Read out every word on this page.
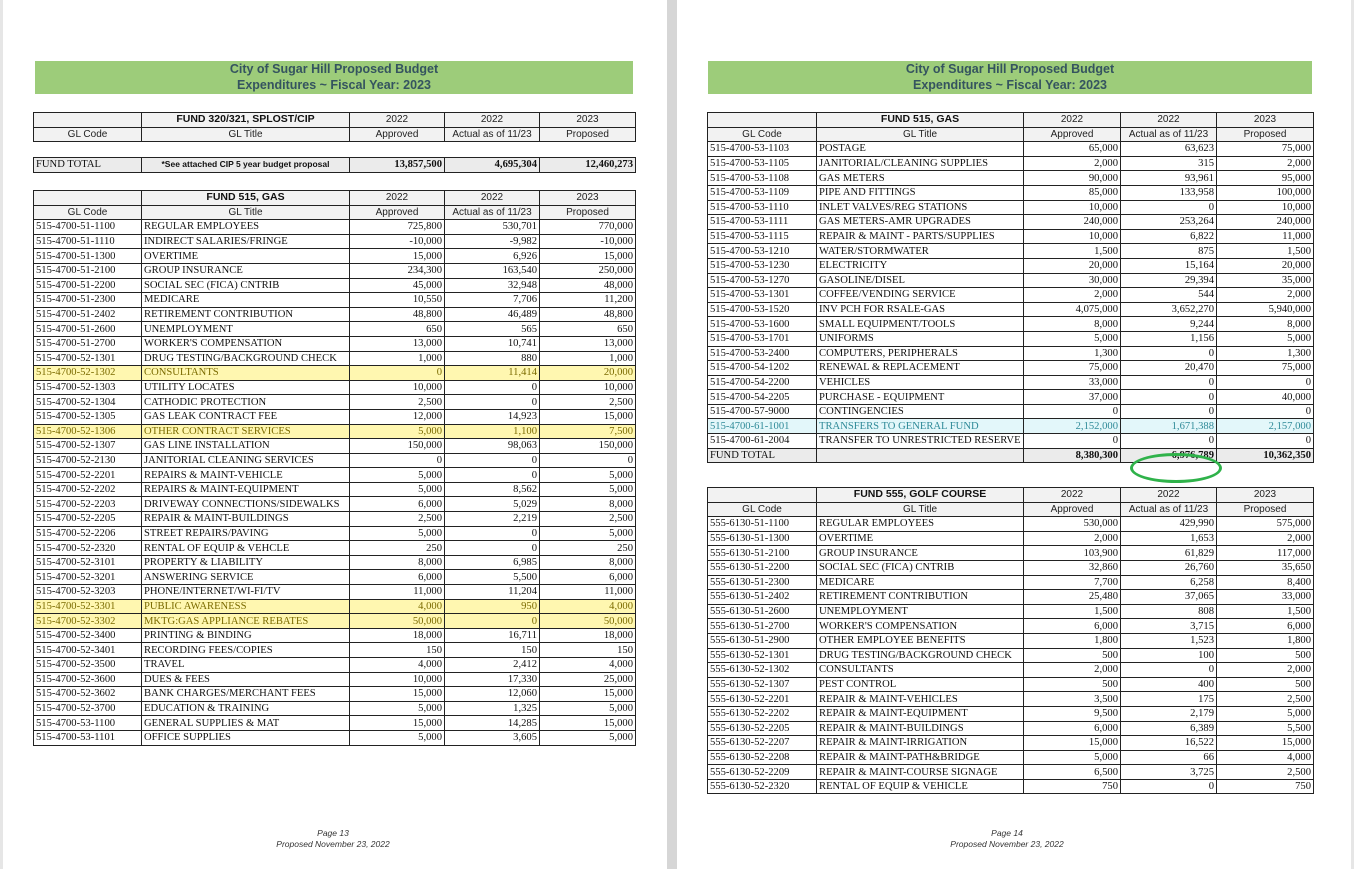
City of Sugar Hill Proposed Budget
Expenditures ~ Fiscal Year: 2023
	FUND 320/321, SPLOST/CIP	2022	2022	2023
GL Code	GL Title	Approved	Actual as of 11/23	Proposed
FUND TOTAL	*See attached CIP 5 year budget proposal	13,857,500	4,695,304	12,460,273
	FUND 515, GAS	2022	2022	2023
GL Code	GL Title	Approved	Actual as of 11/23	Proposed
515-4700-51-1100	REGULAR EMPLOYEES	725,800	530,701	770,000
515-4700-51-1110	INDIRECT SALARIES/FRINGE	-10,000	-9,982	-10,000
515-4700-51-1300	OVERTIME	15,000	6,926	15,000
515-4700-51-2100	GROUP INSURANCE	234,300	163,540	250,000
515-4700-51-2200	SOCIAL SEC (FICA) CNTRIB	45,000	32,948	48,000
515-4700-51-2300	MEDICARE	10,550	7,706	11,200
515-4700-51-2402	RETIREMENT CONTRIBUTION	48,800	46,489	48,800
515-4700-51-2600	UNEMPLOYMENT	650	565	650
515-4700-51-2700	WORKER'S COMPENSATION	13,000	10,741	13,000
515-4700-52-1301	DRUG TESTING/BACKGROUND CHECK	1,000	880	1,000
515-4700-52-1302	CONSULTANTS	0	11,414	20,000
515-4700-52-1303	UTILITY LOCATES	10,000	0	10,000
515-4700-52-1304	CATHODIC PROTECTION	2,500	0	2,500
515-4700-52-1305	GAS LEAK CONTRACT FEE	12,000	14,923	15,000
515-4700-52-1306	OTHER CONTRACT SERVICES	5,000	1,100	7,500
515-4700-52-1307	GAS LINE INSTALLATION	150,000	98,063	150,000
515-4700-52-2130	JANITORIAL CLEANING SERVICES	0	0	0
515-4700-52-2201	REPAIRS & MAINT-VEHICLE	5,000	0	5,000
515-4700-52-2202	REPAIRS & MAINT-EQUIPMENT	5,000	8,562	5,000
515-4700-52-2203	DRIVEWAY CONNECTIONS/SIDEWALKS	6,000	5,029	8,000
515-4700-52-2205	REPAIR & MAINT-BUILDINGS	2,500	2,219	2,500
515-4700-52-2206	STREET REPAIRS/PAVING	5,000	0	5,000
515-4700-52-2320	RENTAL OF EQUIP & VEHCLE	250	0	250
515-4700-52-3101	PROPERTY & LIABILITY	8,000	6,985	8,000
515-4700-52-3201	ANSWERING SERVICE	6,000	5,500	6,000
515-4700-52-3203	PHONE/INTERNET/WI-FI/TV	11,000	11,204	11,000
515-4700-52-3301	PUBLIC AWARENESS	4,000	950	4,000
515-4700-52-3302	MKTG:GAS APPLIANCE REBATES	50,000	0	50,000
515-4700-52-3400	PRINTING & BINDING	18,000	16,711	18,000
515-4700-52-3401	RECORDING FEES/COPIES	150	150	150
515-4700-52-3500	TRAVEL	4,000	2,412	4,000
515-4700-52-3600	DUES & FEES	10,000	17,330	25,000
515-4700-52-3602	BANK CHARGES/MERCHANT FEES	15,000	12,060	15,000
515-4700-52-3700	EDUCATION & TRAINING	5,000	1,325	5,000
515-4700-53-1100	GENERAL SUPPLIES & MAT	15,000	14,285	15,000
515-4700-53-1101	OFFICE SUPPLIES	5,000	3,605	5,000
Page 13
Proposed November 23, 2022
City of Sugar Hill Proposed Budget
Expenditures ~ Fiscal Year: 2023
	FUND 515, GAS	2022	2022	2023
GL Code	GL Title	Approved	Actual as of 11/23	Proposed
515-4700-53-1103	POSTAGE	65,000	63,623	75,000
515-4700-53-1105	JANITORIAL/CLEANING SUPPLIES	2,000	315	2,000
515-4700-53-1108	GAS METERS	90,000	93,961	95,000
515-4700-53-1109	PIPE AND FITTINGS	85,000	133,958	100,000
515-4700-53-1110	INLET VALVES/REG STATIONS	10,000	0	10,000
515-4700-53-1111	GAS METERS-AMR UPGRADES	240,000	253,264	240,000
515-4700-53-1115	REPAIR & MAINT - PARTS/SUPPLIES	10,000	6,822	11,000
515-4700-53-1210	WATER/STORMWATER	1,500	875	1,500
515-4700-53-1230	ELECTRICITY	20,000	15,164	20,000
515-4700-53-1270	GASOLINE/DISEL	30,000	29,394	35,000
515-4700-53-1301	COFFEE/VENDING SERVICE	2,000	544	2,000
515-4700-53-1520	INV PCH FOR RSALE-GAS	4,075,000	3,652,270	5,940,000
515-4700-53-1600	SMALL EQUIPMENT/TOOLS	8,000	9,244	8,000
515-4700-53-1701	UNIFORMS	5,000	1,156	5,000
515-4700-53-2400	COMPUTERS, PERIPHERALS	1,300	0	1,300
515-4700-54-1202	RENEWAL & REPLACEMENT	75,000	20,470	75,000
515-4700-54-2200	VEHICLES	33,000	0	0
515-4700-54-2205	PURCHASE - EQUIPMENT	37,000	0	40,000
515-4700-57-9000	CONTINGENCIES	0	0	0
515-4700-61-1001	TRANSFERS TO GENERAL FUND	2,152,000	1,671,388	2,157,000
515-4700-61-2004	TRANSFER TO UNRESTRICTED RESERVE	0	0	0
FUND TOTAL		8,380,300	6,976,789	10,362,350
	FUND 555, GOLF COURSE	2022	2022	2023
GL Code	GL Title	Approved	Actual as of 11/23	Proposed
555-6130-51-1100	REGULAR EMPLOYEES	530,000	429,990	575,000
555-6130-51-1300	OVERTIME	2,000	1,653	2,000
555-6130-51-2100	GROUP INSURANCE	103,900	61,829	117,000
555-6130-51-2200	SOCIAL SEC (FICA) CNTRIB	32,860	26,760	35,650
555-6130-51-2300	MEDICARE	7,700	6,258	8,400
555-6130-51-2402	RETIREMENT CONTRIBUTION	25,480	37,065	33,000
555-6130-51-2600	UNEMPLOYMENT	1,500	808	1,500
555-6130-51-2700	WORKER'S COMPENSATION	6,000	3,715	6,000
555-6130-51-2900	OTHER EMPLOYEE BENEFITS	1,800	1,523	1,800
555-6130-52-1301	DRUG TESTING/BACKGROUND CHECK	500	100	500
555-6130-52-1302	CONSULTANTS	2,000	0	2,000
555-6130-52-1307	PEST CONTROL	500	400	500
555-6130-52-2201	REPAIR & MAINT-VEHICLES	3,500	175	2,500
555-6130-52-2202	REPAIR & MAINT-EQUIPMENT	9,500	2,179	5,000
555-6130-52-2205	REPAIR & MAINT-BUILDINGS	6,000	6,389	5,500
555-6130-52-2207	REPAIR & MAINT-IRRIGATION	15,000	16,522	15,000
555-6130-52-2208	REPAIR & MAINT-PATH&BRIDGE	5,000	66	4,000
555-6130-52-2209	REPAIR & MAINT-COURSE SIGNAGE	6,500	3,725	2,500
555-6130-52-2320	RENTAL OF EQUIP & VEHICLE	750	0	750
Page 14
Proposed November 23, 2022
